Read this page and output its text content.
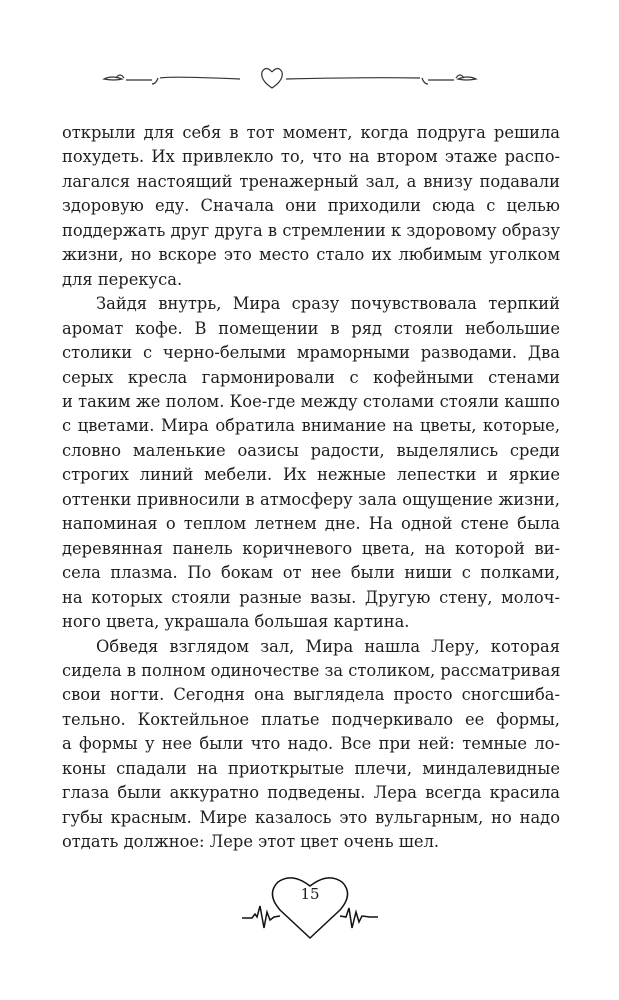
открыли для себя в тот момент, когда подруга решила
похудеть. Их привлекло то, что на втором этаже распо-
лагался настоящий тренажерный зал, а внизу подавали
здоровую еду. Сначала они приходили сюда с целью
поддержать друг друга в стремлении к здоровому образу
жизни, но вскоре это место стало их любимым уголком
для перекуса.
Зайдя внутрь, Мира сразу почувствовала терпкий
аромат кофе. В помещении в ряд стояли небольшие
столики с черно-белыми мраморными разводами. Два
серых кресла гармонировали с кофейными стенами
и таким же полом. Кое-где между столами стояли кашпо
с цветами. Мира обратила внимание на цветы, которые,
словно маленькие оазисы радости, выделялись среди
строгих линий мебели. Их нежные лепестки и яркие
оттенки привносили в атмосферу зала ощущение жизни,
напоминая о теплом летнем дне. На одной стене была
деревянная панель коричневого цвета, на которой ви-
села плазма. По бокам от нее были ниши с полками,
на которых стояли разные вазы. Другую стену, молоч-
ного цвета, украшала большая картина.
Обведя взглядом зал, Мира нашла Леру, которая
сидела в полном одиночестве за столиком, рассматривая
свои ногти. Сегодня она выглядела просто сногсшиба-
тельно. Коктейльное платье подчеркивало ее формы,
а формы у нее были что надо. Все при ней: темные ло-
коны спадали на приоткрытые плечи, миндалевидные
глаза были аккуратно подведены. Лера всегда красила
губы красным. Мире казалось это вульгарным, но надо
отдать должное: Лере этот цвет очень шел.
15
